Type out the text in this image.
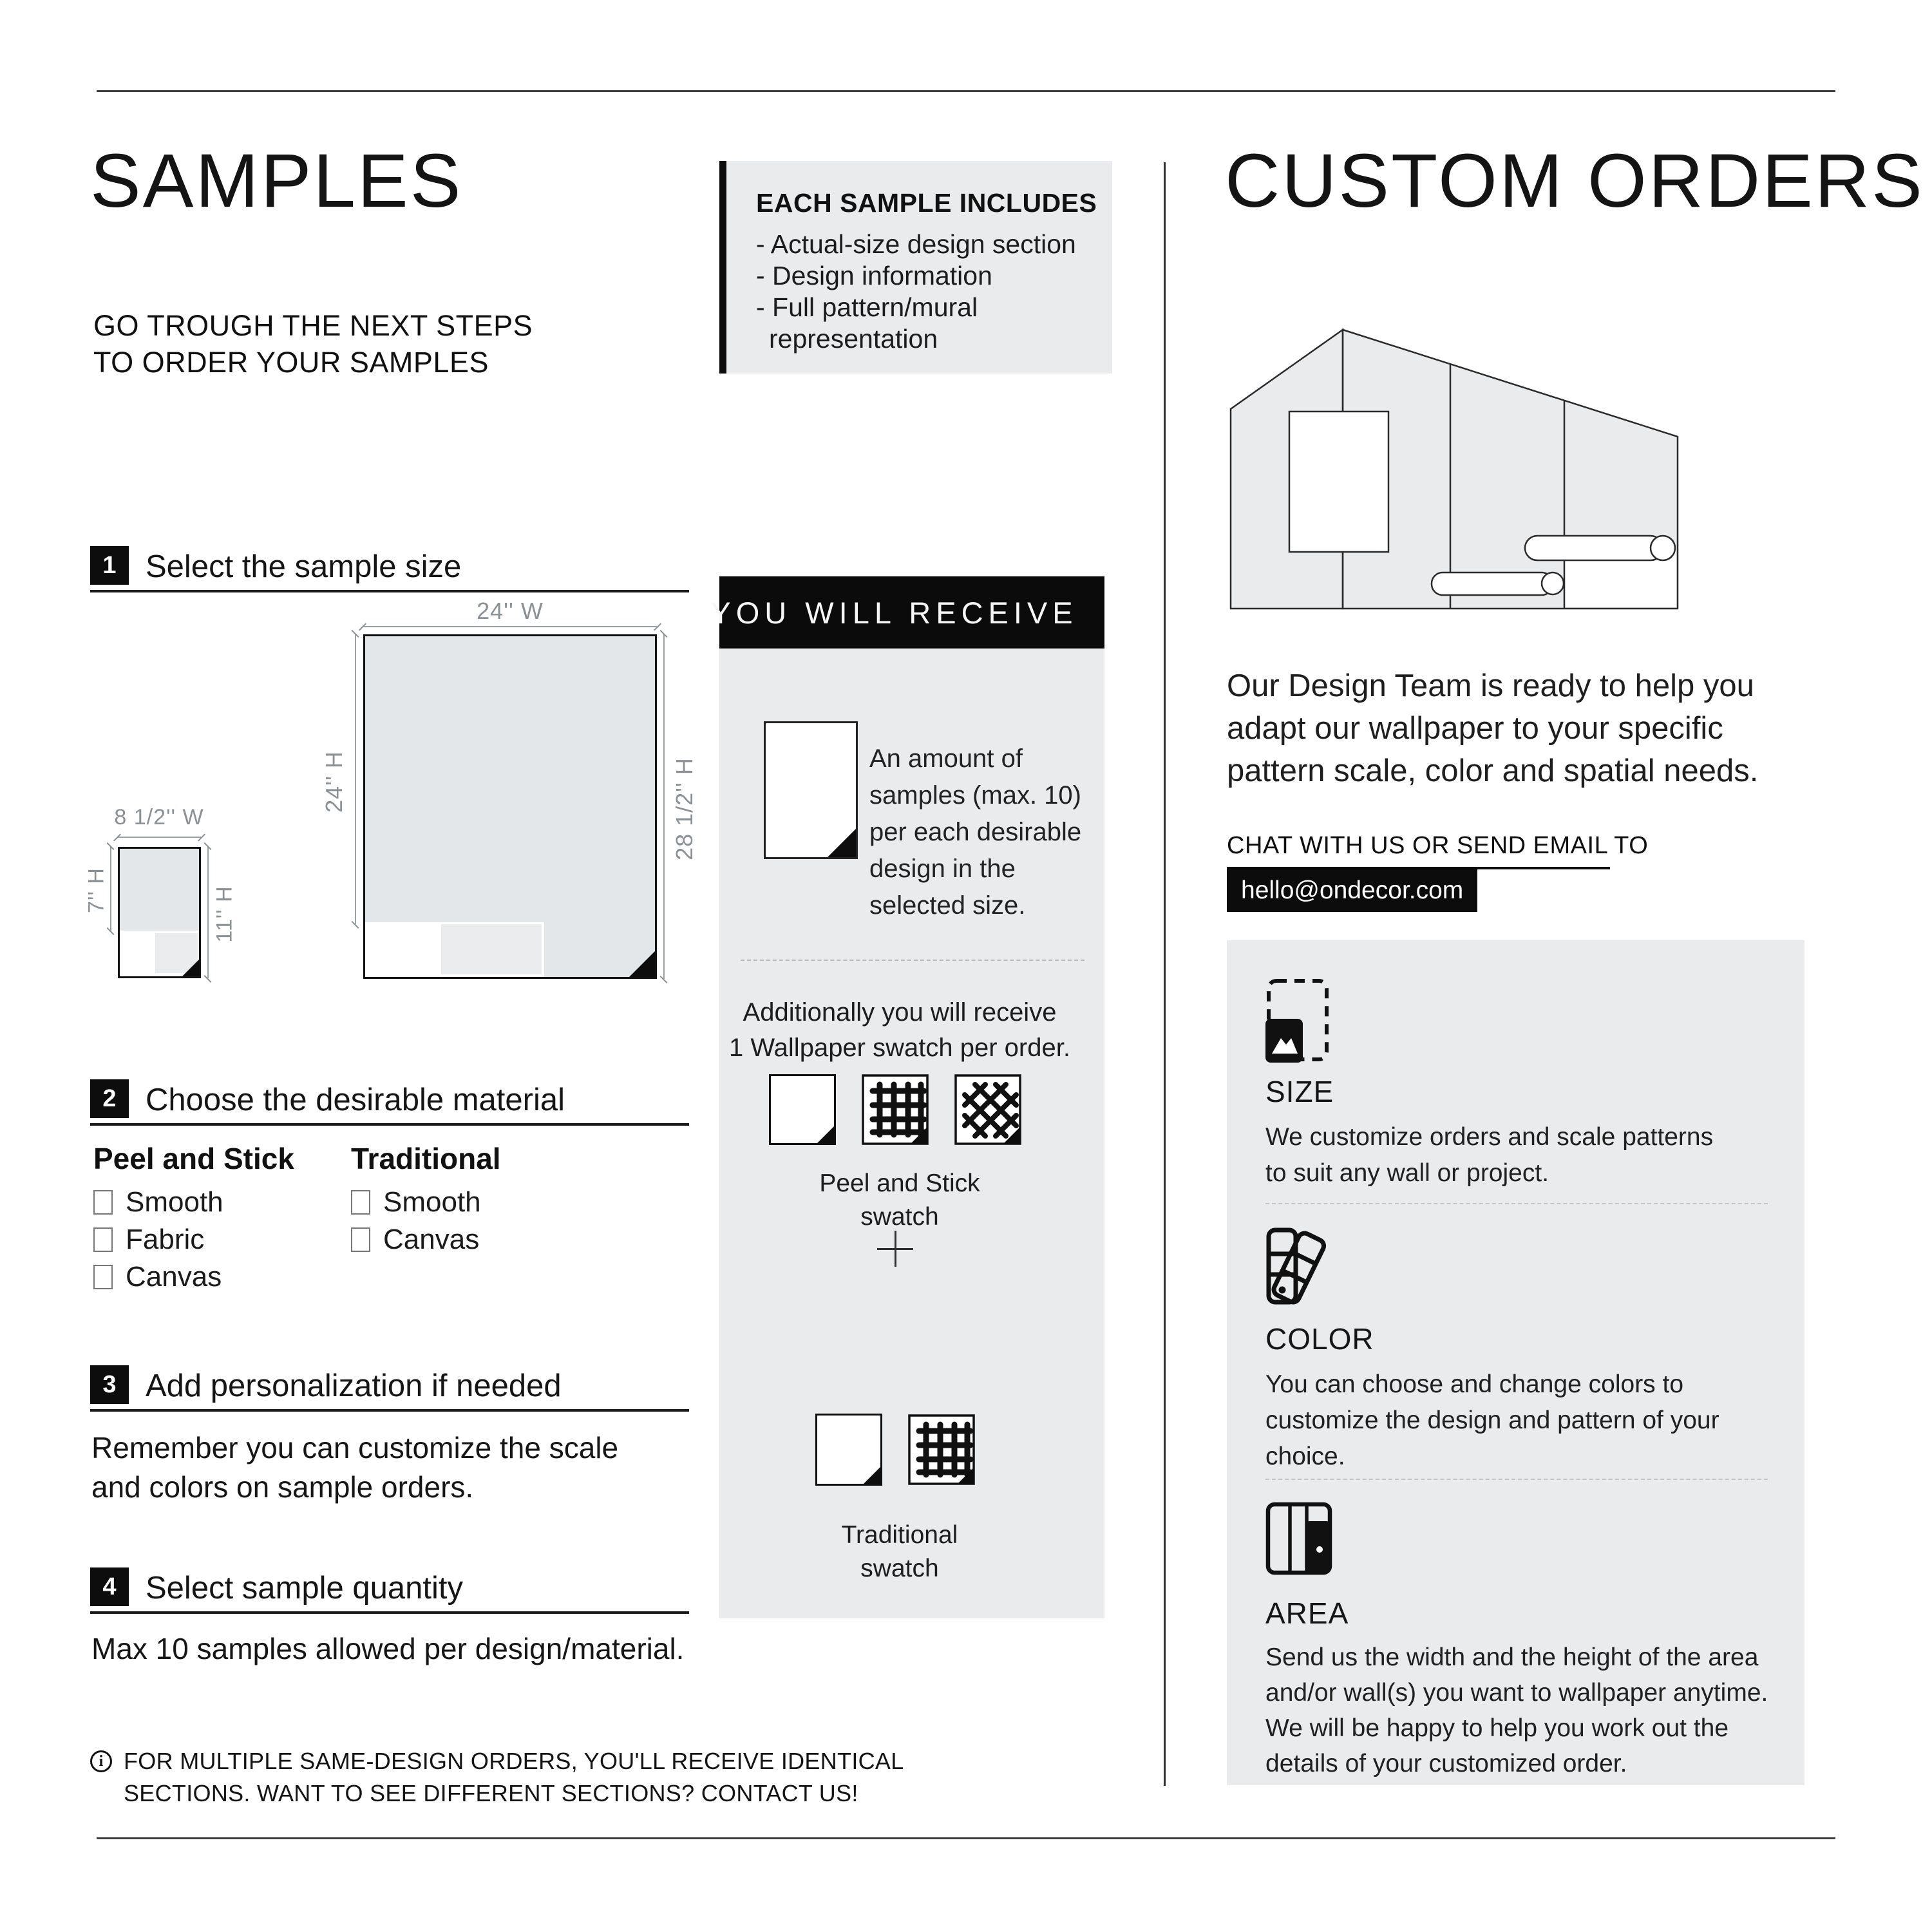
SAMPLES
GO TROUGH THE NEXT STEPS
TO ORDER YOUR SAMPLES
EACH SAMPLE INCLUDES
- Actual-size design section
- Design information
- Full pattern/mural
representation
1 Select the sample size
8 1/2'' W
7'' H	11'' H
24'' W
24'' H	28 1/2'' H
2 Choose the desirable material
Peel and Stick
Smooth
Fabric
Canvas
Traditional
Smooth
Canvas
3 Add personalization if needed
Remember you can customize the scale
and colors on sample orders.
4 Select sample quantity
Max 10 samples allowed per design/material.
i FOR MULTIPLE SAME-DESIGN ORDERS, YOU'LL RECEIVE IDENTICAL
SECTIONS. WANT TO SEE DIFFERENT SECTIONS? CONTACT US!
YOU WILL RECEIVE
An amount of
samples (max. 10)
per each desirable
design in the
selected size.
Additionally you will receive
1 Wallpaper swatch per order.
Peel and Stick
swatch
Traditional
swatch
CUSTOM ORDERS
Our Design Team is ready to help you
adapt our wallpaper to your specific
pattern scale, color and spatial needs.
CHAT WITH US OR SEND EMAIL TO
hello@ondecor.com
SIZE
We customize orders and scale patterns
to suit any wall or project.
COLOR
You can choose and change colors to
customize the design and pattern of your
choice.
AREA
Send us the width and the height of the area
and/or wall(s) you want to wallpaper anytime.
We will be happy to help you work out the
details of your customized order.
